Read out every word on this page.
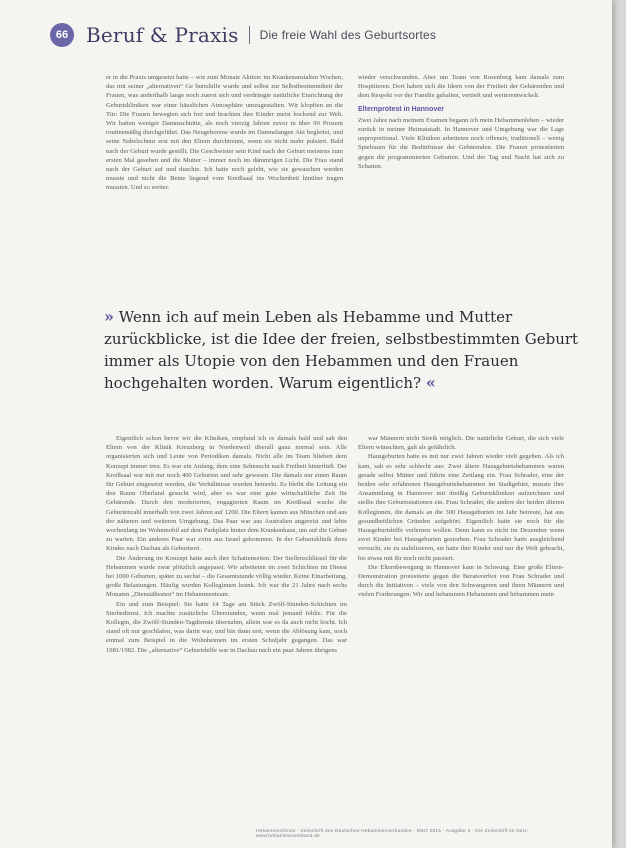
66 Beruf & Praxis Die freie Wahl des Geburtsortes
er in die Praxis umgesetzt hatte – wie zum Monate Aktion: im Krankenanstalten Wochen, das mit seiner „alternativen“ Ge burtshilfe wurde und selbst zur Selbstbestimmtheit der Frauen, was anderthalb lange noch zuerst sich und verdrängte natürliche Einrichtung der Geburtskliniken war einer häuslichen Atmosphäre umzugestalten. Wir klopften an die Tür: Die Frauen bewegten sich frei und brachten ihre Kinder meist hockend zur Welt. Wir hatten weniger Dammschnitte, als noch vierzig Jahren zuvor in über 90 Prozent routinemäßig durchgeführt. Das Neugeborene wurde im Damnelangen Akt begleitet, und seine Nabelschnur erst mit den Eltern durchtrennt, wenn sie nicht mehr pulsiert. Bald nach der Geburt wurde gestillt. Die Geschwister sein Kind nach der Geburt meistens zum ersten Mal gesehen und die Mutter – immer noch im dämmrigen Licht. Die Frau stand nach der Geburt auf und duschte. Ich hatte noch gelebt, wie sie gewaschen werden musste und nicht die Beine liegend vom Kreißsaal ins Wochenbett hinüber tragen mussten. Und so weiter.
wieder verschwunden. Aber um Team von Rosenberg kam damals zum Hospitieren. Dort haben sich die Ideen von der Freiheit der Gebärenden und dem Respekt vor der Familie gehalten, vertieft und weiterentwickelt.
Elternprotest in Hannover
Zwei Jahre nach meinem Examen begann ich mein Hebammenleben – wieder zurück in meiner Heimatstadt. In Hannover und Umgebung war die Lage unproportional. Viele Kliniken arbeiteten noch offensiv, traditionell – wenig Spielraum für die Bedürfnisse der Gebärenden. Die Frauen protestierten gegen die programmierten Geburten. Und der Tag und Nacht hat sich zu Schatten.
» Wenn ich auf mein Leben als Hebamme und Mutter zurückblicke, ist die Idee der freien, selbstbestimmten Geburt immer als Utopie von den Hebammen und den Frauen hochgehalten worden. Warum eigentlich? «
Eigentlich schon bevor wir die Kliniken, empfand ich es damals bald und sah den Eltern von der Klinik Kreuzberg in Nordenweil überall ganz normal sein. Alle organisierten sich und Leute von Periodiken damals. Nicht alle im Team blieben dem Konzept immer treu. Es war ein Anfang, dem eine Sehnsucht nach Freiheit hinterließ. Der Kreißsaal war mit nur noch 400 Geburten und sehr gewesen. Die damals nur einen Raum für Geburt eingesetzt werden, die Verhältnisse wurden bemerkt. Es bleibt die Leitung ein den Raum Oberland gesucht wird, aber es war eine gute wirtschaftliche Zeit für Gebärende. Durch den moderierten, engagierten Raum im Kreißsaal wuchs die Geburtenzahl innerhalb von zwei Jahren auf 1200. Die Eltern kamen aus München und aus der näheren und weiteren Umgebung. Das Paar war aus Australien angereist und lebte wochenlang im Wohnmobil auf dem Parkplatz hinter dem Krankenhaus, um auf die Geburt zu warten. Ein anderes Paar war extra aus Israel gekommen. In der Geburtsklinik ihres Kindes nach Dachau als Geburtsort.
Die Änderung im Konzept hatte auch ihre Schattenseiten. Der Stellenschlüssel für die Hebammen wurde zwar plötzlich angepasst. Wir arbeiteten im zwei Schichten im Dienst bei 1000 Geburten, später zu sechst – die Gesamtstunde völlig wieder. Keine Einarbeitung, große Belastungen. Häufig wurden Kolleginnen krank. Ich war die 21 Jahre nach sechs Monaten „Dienstältesten“ im Hebammenteam.
Ein und zum Beispiel: Sie hatte 14 Tage am Stück Zwölf-Stunden-Schichten im Sterbedienst. Ich machte zusätzliche Überstunden, wenn mal jemand fehlte. Für die Kollegin, die Zwölf-Stunden-Tagdienste übernahm, allein war es da auch nicht leicht. Ich stand oft nur geschlafen, was darin war, und bin dann erst, wenn die Ablösung kam, noch einmal zum Beispiel in die Wohnheimen im ersten Schuljahr gegangen. Das war 1981/1982. Die „alternative“ Geburtshilfe war in Dachau nach ein paar Jahren übrigens
war Männern nicht Streik möglich. Die natürliche Geburt, die sich viele Eltern wünschten, galt als gefährlich.
Hausgeburten hatte es mit nur zwei Jahren wieder vielt gegeben. Als ich kam, sah es sehr schlecht aus: Zwei ältere Hausgeburtshebammen waren gerade selbst Mütter und führte eine Zeitlang ein. Frau Schrader, eine der beiden sehr erfahrenen Hausgeburtshebammen im Stadtgebiet, musste ihre Ansammlung in Hannover mit dreißig Geburtskliniken aufzeichnen und stellte ihre Geburtsstationen ein. Frau Schrader, die andere der beiden älteren Kolleginnen, die damals an die 300 Hausgeburten im Jahr betreute, hat aus gesundheitlichen Gründen aufgehört. Eigentlich hatte sie noch für die Hausgeburtshilfe verlernen wollen. Denn kann es nicht im Dezember wenn zwei Kinder bei Hausgeburten gestorben. Frau Schrader hatte ausgleichend versucht, sie zu stabilisieren, sie hatte ihre Kinder und nur die Welt gebracht, bis etwas mit ihr noch nicht passiert.
Die Elternbewegung in Hannover kam in Schwung. Eine große Eltern-Demonstration protestierte gegen die Beratsverbot von Frau Schrader und durch die Initiativen – viele von den Schwangeren und ihren Männern und vielen Forderungen: Wir und hebammen Hebammen und hebammen mein
Hebammenforum · Zeitschrift des Deutschen Hebammenverbandes · März 2015 · Ausgabe 3 · Die Zeitschrift im Netz: www.hebammenverband.de
